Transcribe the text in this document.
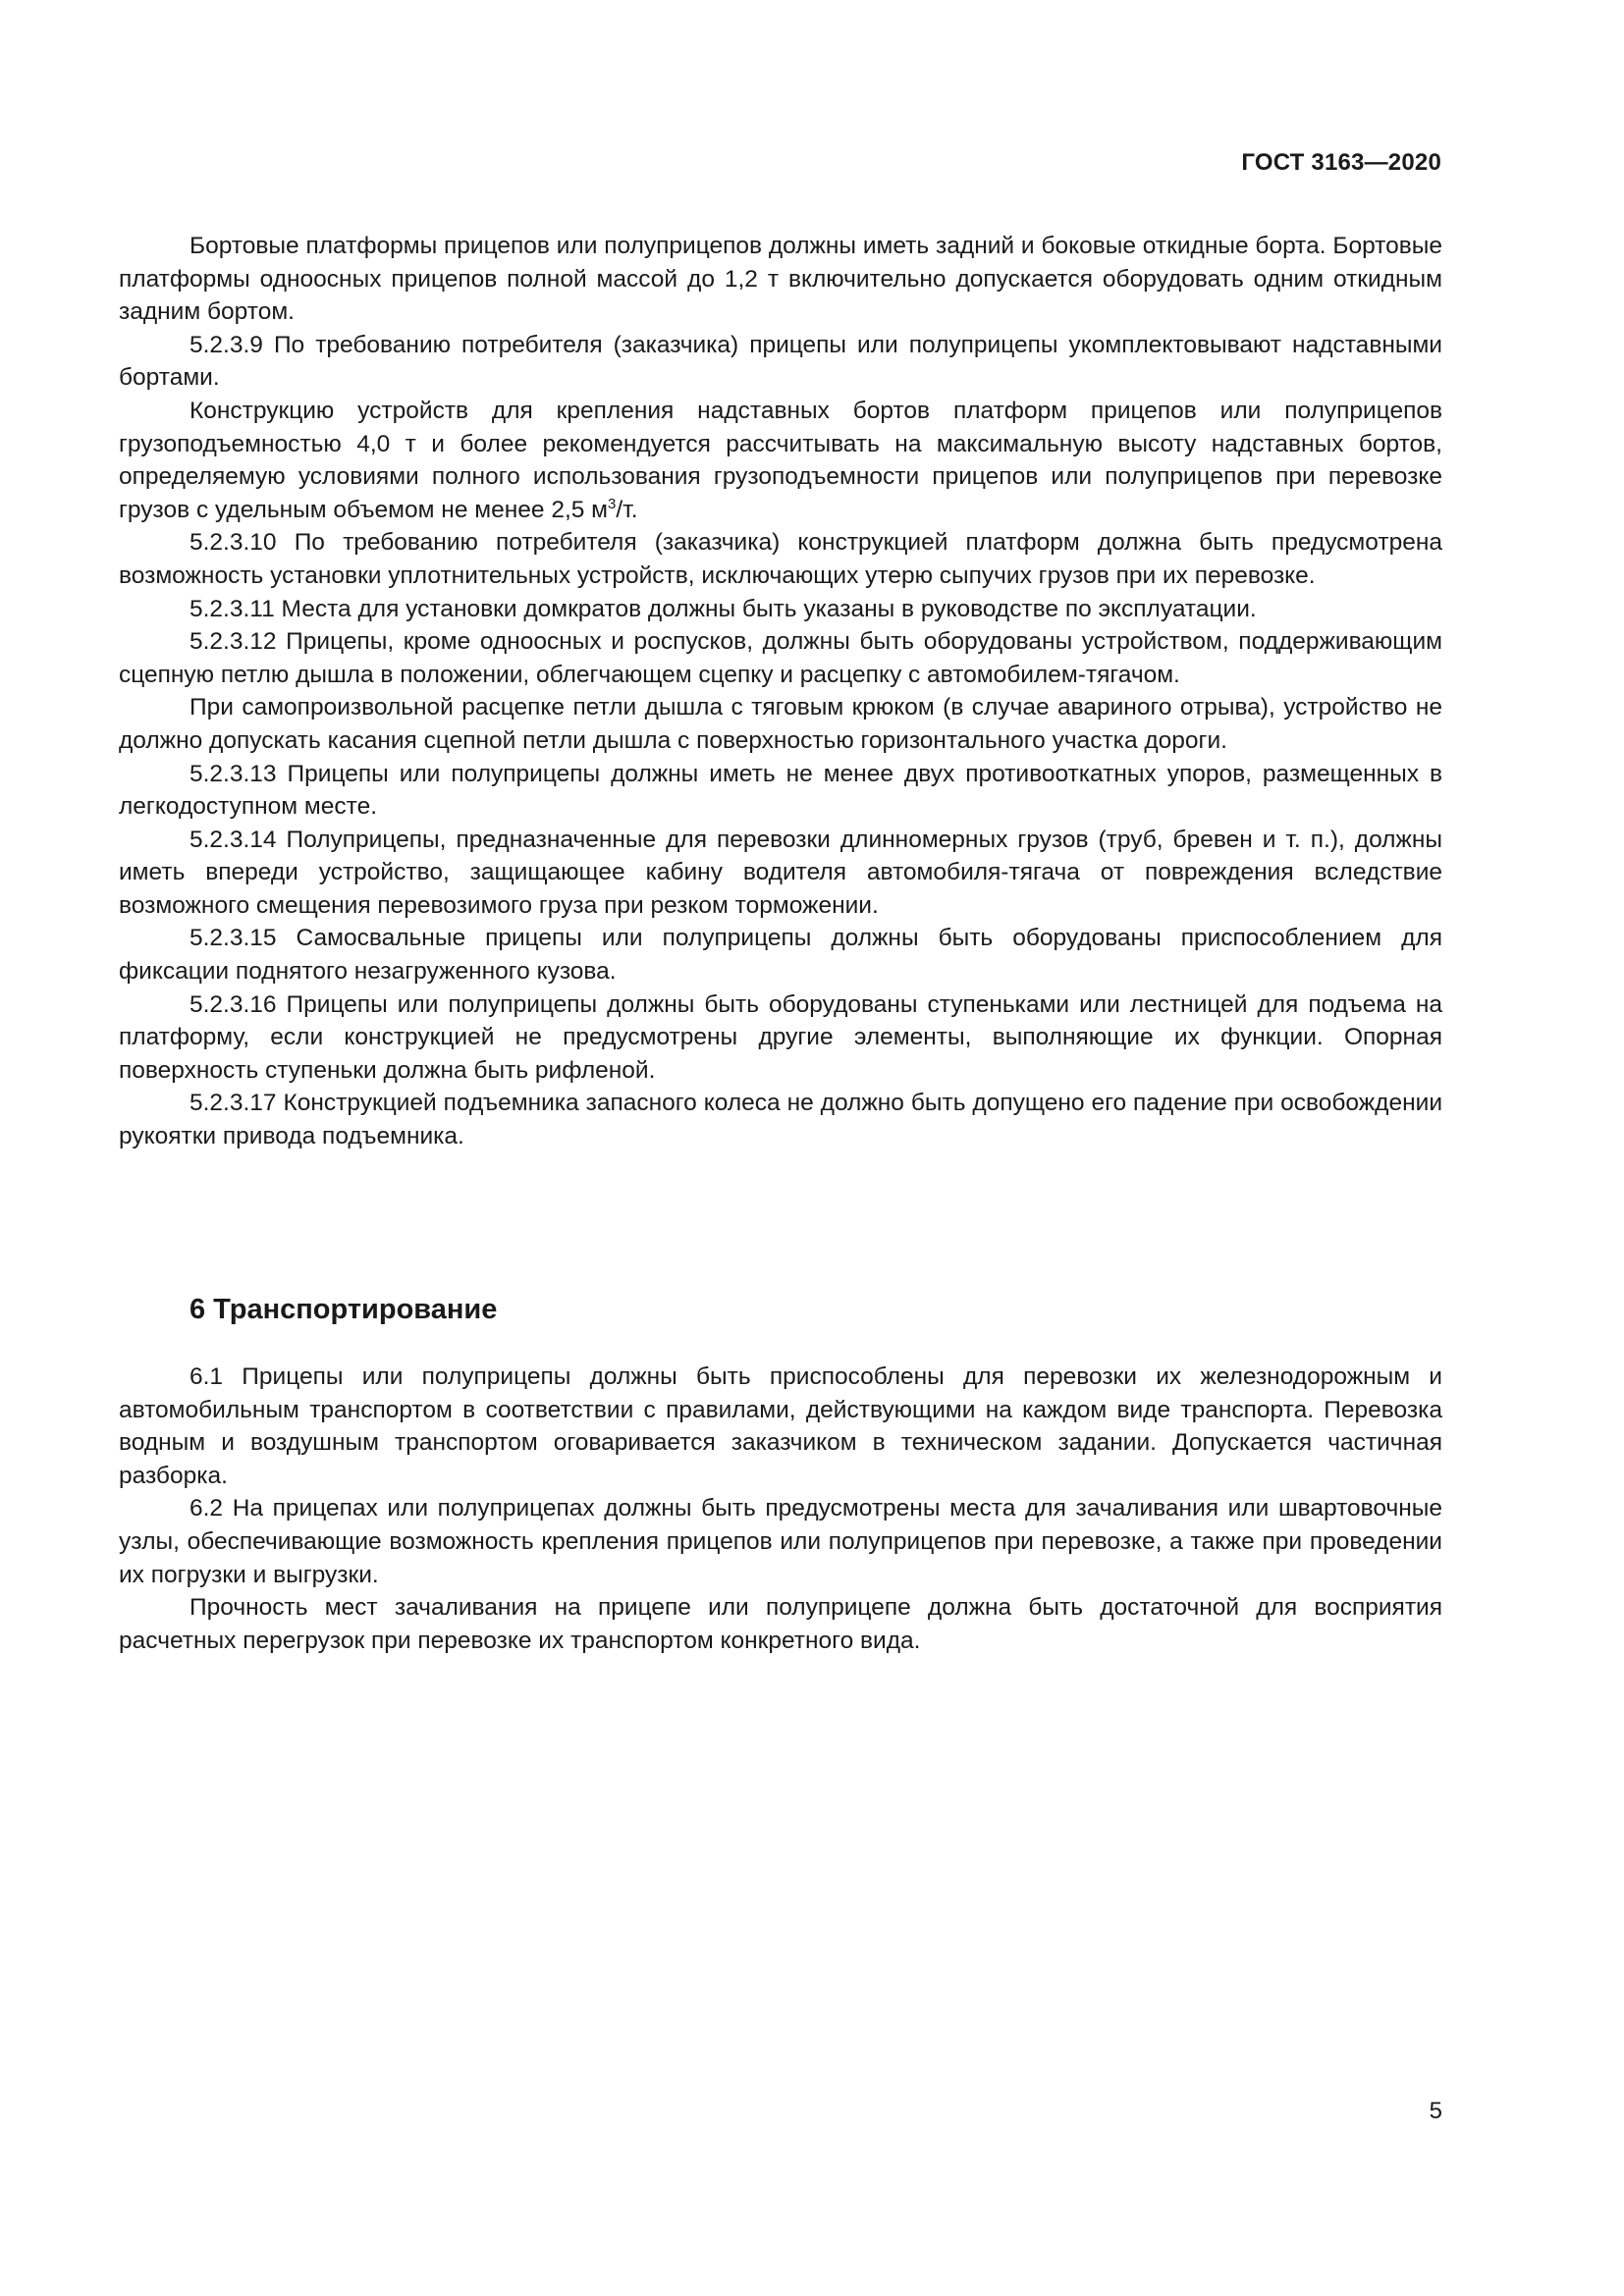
ГОСТ 3163—2020

Бортовые платформы прицепов или полуприцепов должны иметь задний и боковые откидные борта. Бортовые платформы одноосных прицепов полной массой до 1,2 т включительно допускается оборудовать одним откидным задним бортом.

5.2.3.9 По требованию потребителя (заказчика) прицепы или полуприцепы укомплектовывают надставными бортами.

Конструкцию устройств для крепления надставных бортов платформ прицепов или полуприцепов грузоподъемностью 4,0 т и более рекомендуется рассчитывать на максимальную высоту надставных бортов, определяемую условиями полного использования грузоподъемности прицепов или полуприцепов при перевозке грузов с удельным объемом не менее 2,5 $м^3/т$.

5.2.3.10 По требованию потребителя (заказчика) конструкцией платформ должна быть предусмотрена возможность установки уплотнительных устройств, исключающих утерю сыпучих грузов при их перевозке.

5.2.3.11 Места для установки домкратов должны быть указаны в руководстве по эксплуатации.

5.2.3.12 Прицепы, кроме одноосных и роспусков, должны быть оборудованы устройством, поддерживающим сцепную петлю дышла в положении, облегчающем сцепку и расцепку с автомобилем-тягачом.

При самопроизвольной расцепке петли дышла с тяговым крюком (в случае авариного отрыва), устройство не должно допускать касания сцепной петли дышла с поверхностью горизонтального участка дороги.

5.2.3.13 Прицепы или полуприцепы должны иметь не менее двух противооткатных упоров, размещенных в легкодоступном месте.

5.2.3.14 Полуприцепы, предназначенные для перевозки длинномерных грузов (труб, бревен и т. п.), должны иметь впереди устройство, защищающее кабину водителя автомобиля-тягача от повреждения вследствие возможного смещения перевозимого груза при резком торможении.

5.2.3.15 Самосвальные прицепы или полуприцепы должны быть оборудованы приспособлением для фиксации поднятого незагруженного кузова.

5.2.3.16 Прицепы или полуприцепы должны быть оборудованы ступеньками или лестницей для подъема на платформу, если конструкцией не предусмотрены другие элементы, выполняющие их функции. Опорная поверхность ступеньки должна быть рифленой.

5.2.3.17 Конструкцией подъемника запасного колеса не должно быть допущено его падение при освобождении рукоятки привода подъемника.

6 Транспортирование

6.1 Прицепы или полуприцепы должны быть приспособлены для перевозки их железнодорожным и автомобильным транспортом в соответствии с правилами, действующими на каждом виде транспорта. Перевозка водным и воздушным транспортом оговаривается заказчиком в техническом задании. Допускается частичная разборка.

6.2 На прицепах или полуприцепах должны быть предусмотрены места для зачаливания или швартовочные узлы, обеспечивающие возможность крепления прицепов или полуприцепов при перевозке, а также при проведении их погрузки и выгрузки.

Прочность мест зачаливания на прицепе или полуприцепе должна быть достаточной для восприятия расчетных перегрузок при перевозке их транспортом конкретного вида.

5
